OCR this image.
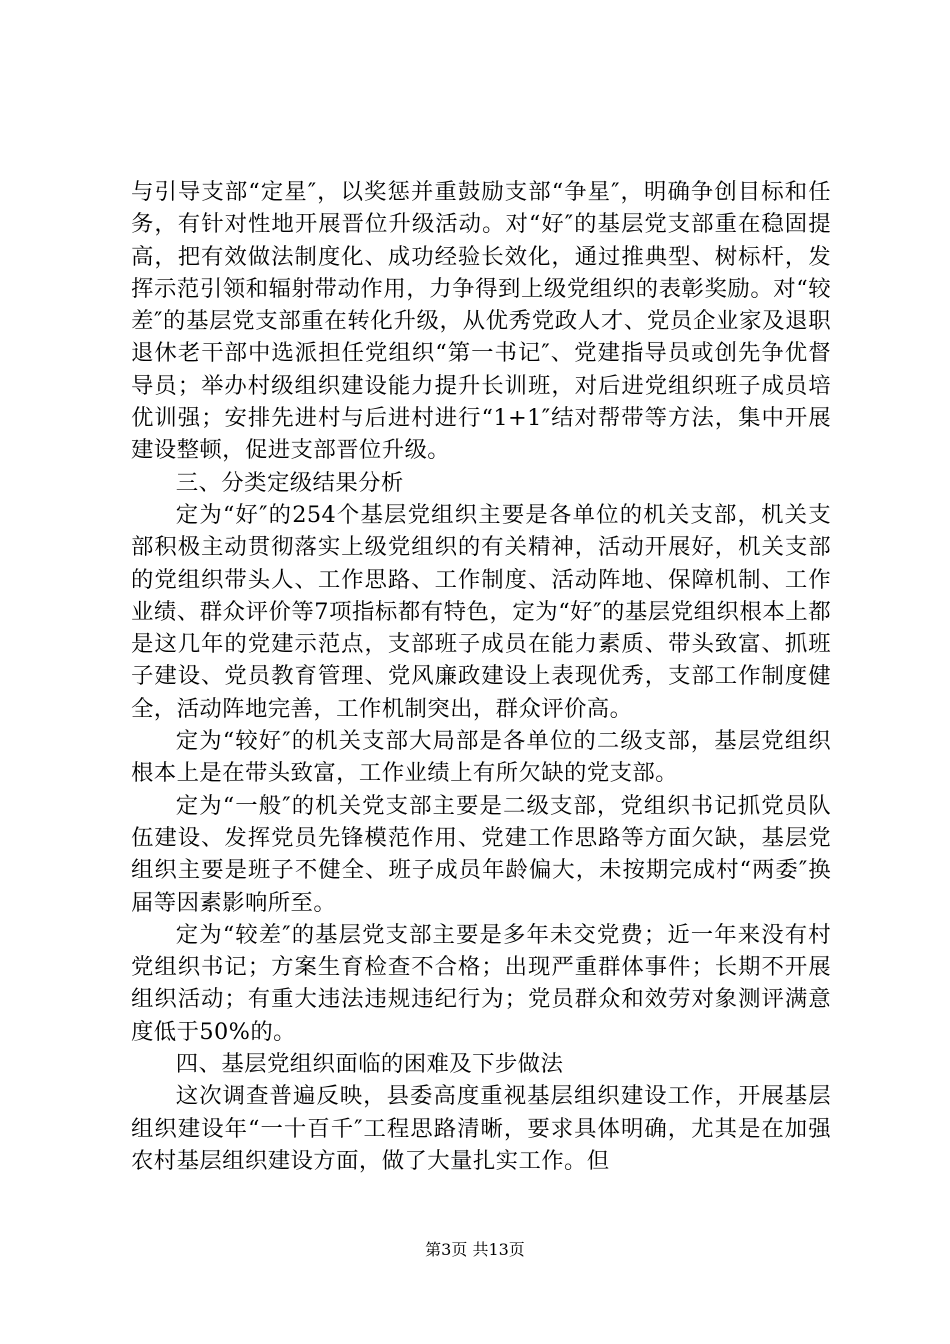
与引导支部“定星″，以奖惩并重鼓励支部“争星″，明确争创目标和任务，有针对性地开展晋位升级活动。对“好″的基层党支部重在稳固提高，把有效做法制度化、成功经验长效化，通过推典型、树标杆，发挥示范引领和辐射带动作用，力争得到上级党组织的表彰奖励。对“较差″的基层党支部重在转化升级，从优秀党政人才、党员企业家及退职退休老干部中选派担任党组织“第一书记″、党建指导员或创先争优督导员；举办村级组织建设能力提升长训班，对后进党组织班子成员培优训强；安排先进村与后进村进行“1+1″结对帮带等方法，集中开展建设整顿，促进支部晋位升级。

三、分类定级结果分析

定为“好″的254个基层党组织主要是各单位的机关支部，机关支部积极主动贯彻落实上级党组织的有关精神，活动开展好，机关支部的党组织带头人、工作思路、工作制度、活动阵地、保障机制、工作业绩、群众评价等7项指标都有特色，定为“好″的基层党组织根本上都是这几年的党建示范点，支部班子成员在能力素质、带头致富、抓班子建设、党员教育管理、党风廉政建设上表现优秀，支部工作制度健全，活动阵地完善，工作机制突出，群众评价高。

定为“较好″的机关支部大局部是各单位的二级支部，基层党组织根本上是在带头致富，工作业绩上有所欠缺的党支部。

定为“一般″的机关党支部主要是二级支部，党组织书记抓党员队伍建设、发挥党员先锋模范作用、党建工作思路等方面欠缺，基层党组织主要是班子不健全、班子成员年龄偏大，未按期完成村“两委″换届等因素影响所至。

定为“较差″的基层党支部主要是多年未交党费；近一年来没有村党组织书记；方案生育检查不合格；出现严重群体事件；长期不开展组织活动；有重大违法违规违纪行为；党员群众和效劳对象测评满意度低于50%的。

四、基层党组织面临的困难及下步做法

这次调查普遍反映，县委高度重视基层组织建设工作，开展基层组织建设年“一十百千″工程思路清晰，要求具体明确，尤其是在加强农村基层组织建设方面，做了大量扎实工作。但

第3页 共13页
